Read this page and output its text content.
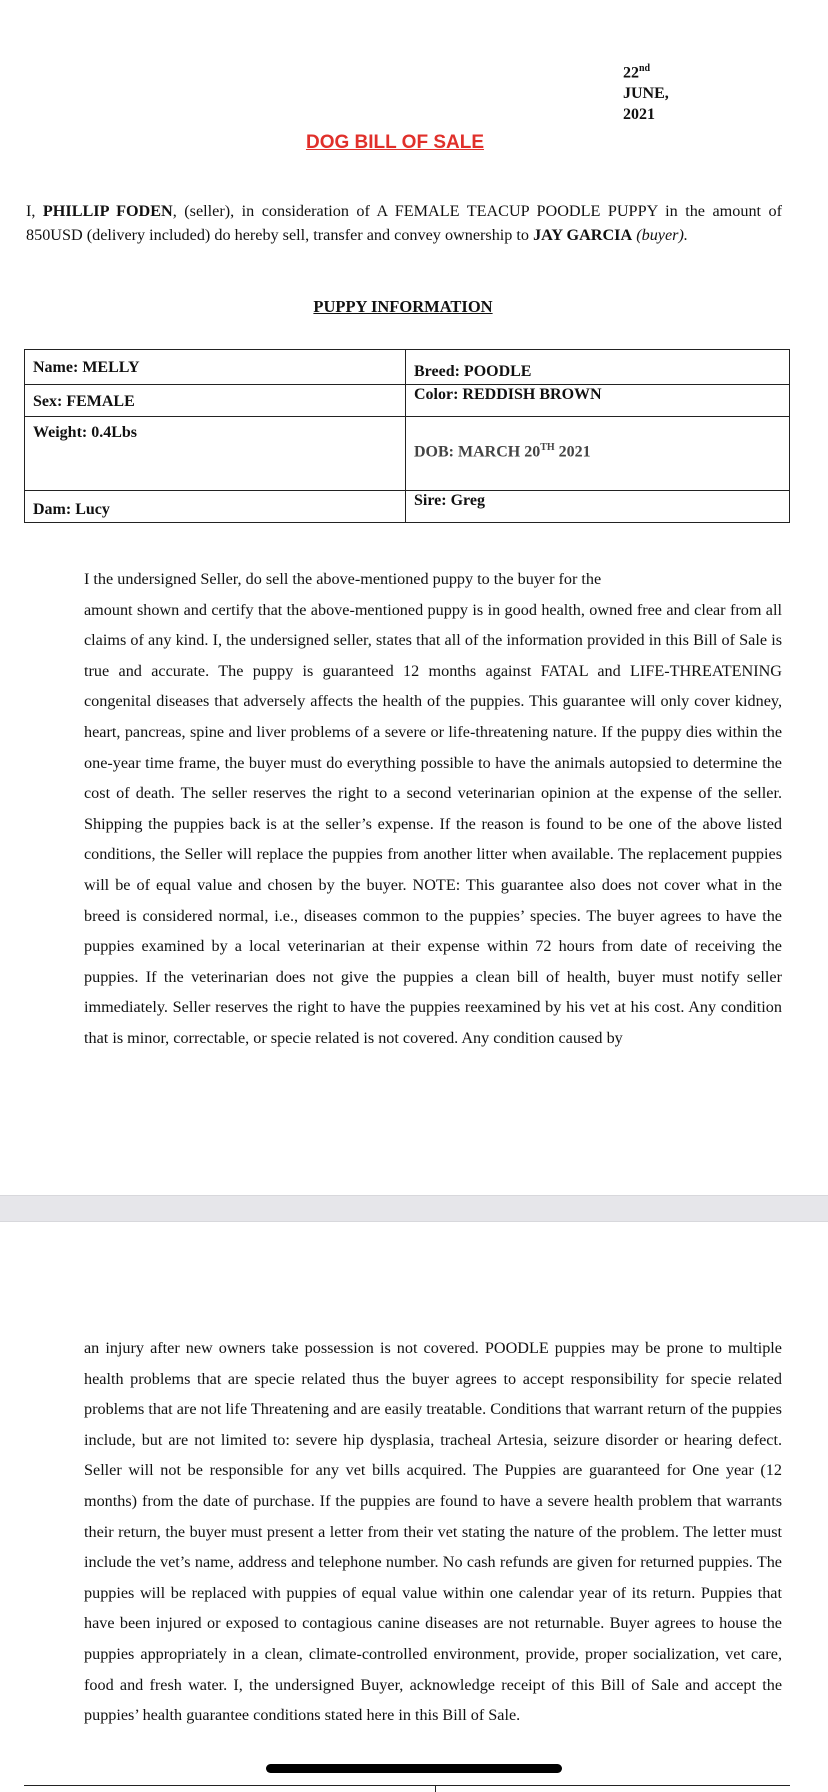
22nd
JUNE,
2021
DOG BILL OF SALE
I, PHILLIP FODEN, (seller), in consideration of A FEMALE TEACUP POODLE PUPPY in the amount of 850USD (delivery included) do hereby sell, transfer and convey ownership to JAY GARCIA (buyer).
PUPPY INFORMATION
Name: MELLY	Breed: POODLE

Sex: FEMALE	Color: REDDISH BROWN

Weight: 0.4Lbs	DOB: MARCH 20TH 2021

Dam: Lucy	Sire: Greg
I the undersigned Seller, do sell the above-mentioned puppy to the buyer for the
amount shown and certify that the above-mentioned puppy is in good health, owned free and clear from all claims of any kind. I, the undersigned seller, states that all of the information provided in this Bill of Sale is true and accurate. The puppy is guaranteed 12 months against FATAL and LIFE-THREATENING congenital diseases that adversely affects the health of the puppies. This guarantee will only cover kidney, heart, pancreas, spine and liver problems of a severe or life-threatening nature. If the puppy dies within the one-year time frame, the buyer must do everything possible to have the animals autopsied to determine the cost of death. The seller reserves the right to a second veterinarian opinion at the expense of the seller. Shipping the puppies back is at the seller’s expense. If the reason is found to be one of the above listed conditions, the Seller will replace the puppies from another litter when available. The replacement puppies will be of equal value and chosen by the buyer. NOTE: This guarantee also does not cover what in the breed is considered normal, i.e., diseases common to the puppies’ species. The buyer agrees to have the puppies examined by a local veterinarian at their expense within 72 hours from date of receiving the puppies. If the veterinarian does not give the puppies a clean bill of health, buyer must notify seller immediately. Seller reserves the right to have the puppies reexamined by his vet at his cost. Any condition that is minor, correctable, or specie related is not covered. Any condition caused by
an injury after new owners take possession is not covered. POODLE puppies may be prone to multiple health problems that are specie related thus the buyer agrees to accept responsibility for specie related problems that are not life Threatening and are easily treatable. Conditions that warrant return of the puppies include, but are not limited to: severe hip dysplasia, tracheal Artesia, seizure disorder or hearing defect. Seller will not be responsible for any vet bills acquired. The Puppies are guaranteed for One year (12 months) from the date of purchase. If the puppies are found to have a severe health problem that warrants their return, the buyer must present a letter from their vet stating the nature of the problem. The letter must include the vet’s name, address and telephone number. No cash refunds are given for returned puppies. The puppies will be replaced with puppies of equal value within one calendar year of its return. Puppies that have been injured or exposed to contagious canine diseases are not returnable. Buyer agrees to house the puppies appropriately in a clean, climate-controlled environment, provide, proper socialization, vet care, food and fresh water. I, the undersigned Buyer, acknowledge receipt of this Bill of Sale and accept the puppies’ health guarantee conditions stated here in this Bill of Sale.
